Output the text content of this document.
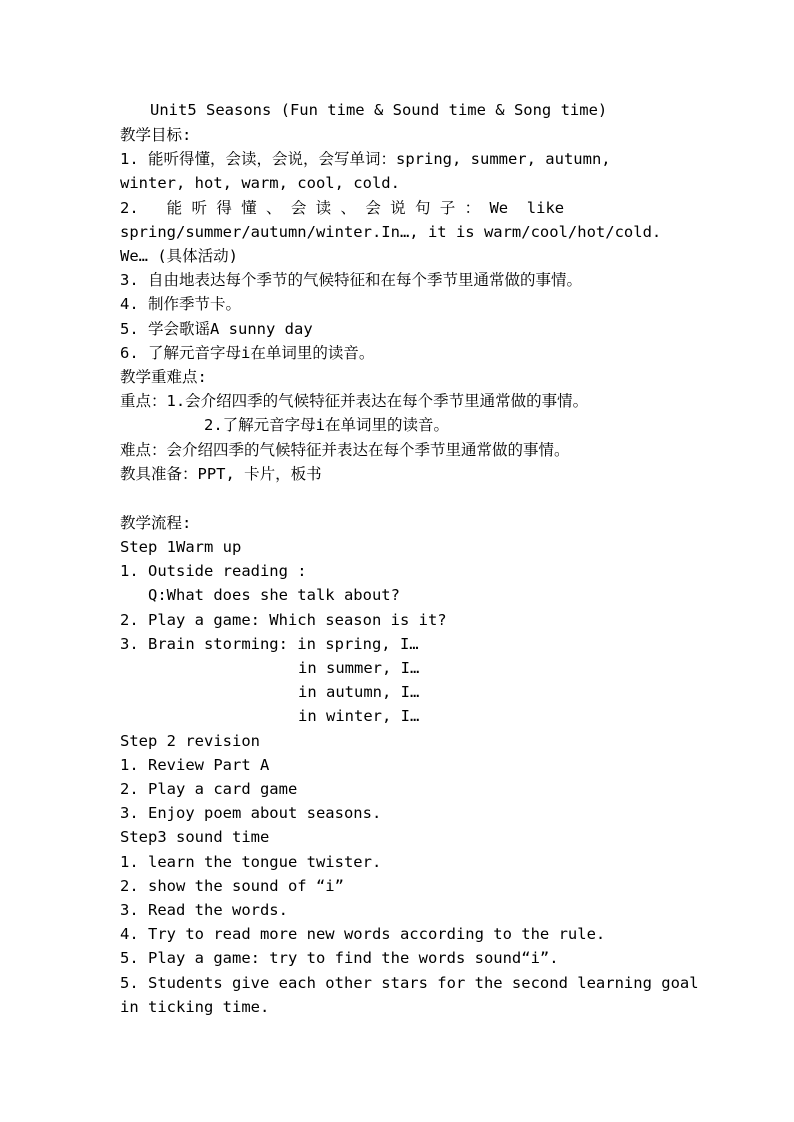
Unit5 Seasons (Fun time & Sound time & Song time)
教学目标:
1. 能听得懂，会读，会说，会写单词：spring, summer, autumn,
winter, hot, warm, cool, cold.
2.   能 听 得 懂 、 会 读 、 会 说 句 子 ： We  like
spring/summer/autumn/winter.In…, it is warm/cool/hot/cold.
We… (具体活动)
3. 自由地表达每个季节的气候特征和在每个季节里通常做的事情。
4. 制作季节卡。
5. 学会歌谣A sunny day
6. 了解元音字母i在单词里的读音。
教学重难点:
重点：1.会介绍四季的气候特征并表达在每个季节里通常做的事情。
2.了解元音字母i在单词里的读音。
难点：会介绍四季的气候特征并表达在每个季节里通常做的事情。
教具准备：PPT, 卡片，板书
教学流程:
Step 1Warm up
1. Outside reading :
Q:What does she talk about?
2. Play a game: Which season is it?
3. Brain storming: in spring, I…
in summer, I…
in autumn, I…
in winter, I…
Step 2 revision
1. Review Part A
2. Play a card game
3. Enjoy poem about seasons.
Step3 sound time
1. learn the tongue twister.
2. show the sound of “i”
3. Read the words.
4. Try to read more new words according to the rule.
5. Play a game: try to find the words sound“i”.
5. Students give each other stars for the second learning goal
in ticking time.
